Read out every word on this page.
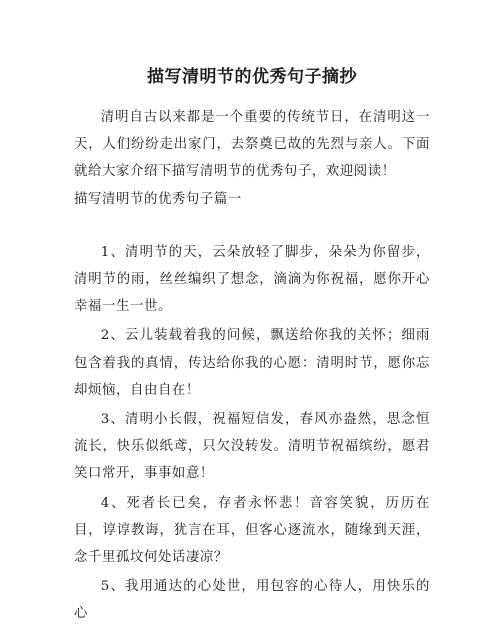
描写清明节的优秀句子摘抄

清明自古以来都是一个重要的传统节日，在清明这一天，人们纷纷走出家门，去祭奠已故的先烈与亲人。下面就给大家介绍下描写清明节的优秀句子，欢迎阅读！

描写清明节的优秀句子篇一

1、清明节的天，云朵放轻了脚步，朵朵为你留步，清明节的雨，丝丝编织了想念，滴滴为你祝福，愿你开心幸福一生一世。

2、云儿装载着我的问候，飘送给你我的关怀；细雨包含着我的真情，传达给你我的心愿：清明时节，愿你忘却烦恼，自由自在！

3、清明小长假，祝福短信发，春风亦盎然，思念恒流长，快乐似纸鸢，只欠没转发。清明节祝福缤纷，愿君笑口常开，事事如意！

4、死者长已矣，存者永怀悲！音容笑貌，历历在目，谆谆教诲，犹言在耳，但客心逐流水，随缘到天涯，念千里孤坟何处话凄凉？

5、我用通达的心处世，用包容的心待人，用快乐的心
